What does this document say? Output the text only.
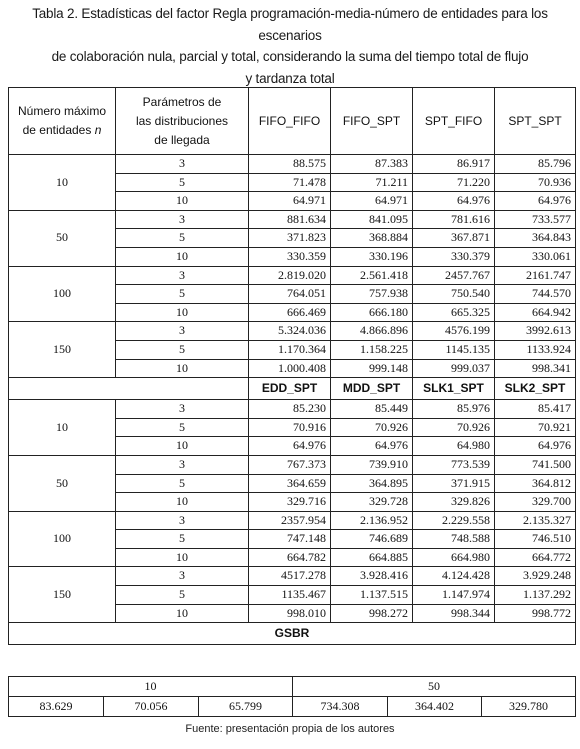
Tabla 2. Estadísticas del factor Regla programación-media-número de entidades para los escenarios
de colaboración nula, parcial y total, considerando la suma del tiempo total de flujo
y tardanza total
Número máximo
de entidades n	Parámetros de
las distribuciones
de llegada	FIFO_FIFO	FIFO_SPT	SPT_FIFO	SPT_SPT
10	3	88.575	87.383	86.917	85.796
	5	71.478	71.211	71.220	70.936
	10	64.971	64.971	64.976	64.976
50	3	881.634	841.095	781.616	733.577
	5	371.823	368.884	367.871	364.843
	10	330.359	330.196	330.379	330.061
100	3	2.819.020	2.561.418	2457.767	2161.747
	5	764.051	757.938	750.540	744.570
	10	666.469	666.180	665.325	664.942
150	3	5.324.036	4.866.896	4576.199	3992.613
	5	1.170.364	1.158.225	1145.135	1133.924
	10	1.000.408	999.148	999.037	998.341
		EDD_SPT	MDD_SPT	SLK1_SPT	SLK2_SPT
10	3	85.230	85.449	85.976	85.417
	5	70.916	70.926	70.926	70.921
	10	64.976	64.976	64.980	64.976
50	3	767.373	739.910	773.539	741.500
	5	364.659	364.895	371.915	364.812
	10	329.716	329.728	329.826	329.700
100	3	2357.954	2.136.952	2.229.558	2.135.327
	5	747.148	746.689	748.588	746.510
	10	664.782	664.885	664.980	664.772
150	3	4517.278	3.928.416	4.124.428	3.929.248
	5	1135.467	1.137.515	1.147.974	1.137.292
	10	998.010	998.272	998.344	998.772
GSBR					
10			50		
83.629	70.056	65.799	734.308	364.402	329.780
Fuente: presentación propia de los autores
